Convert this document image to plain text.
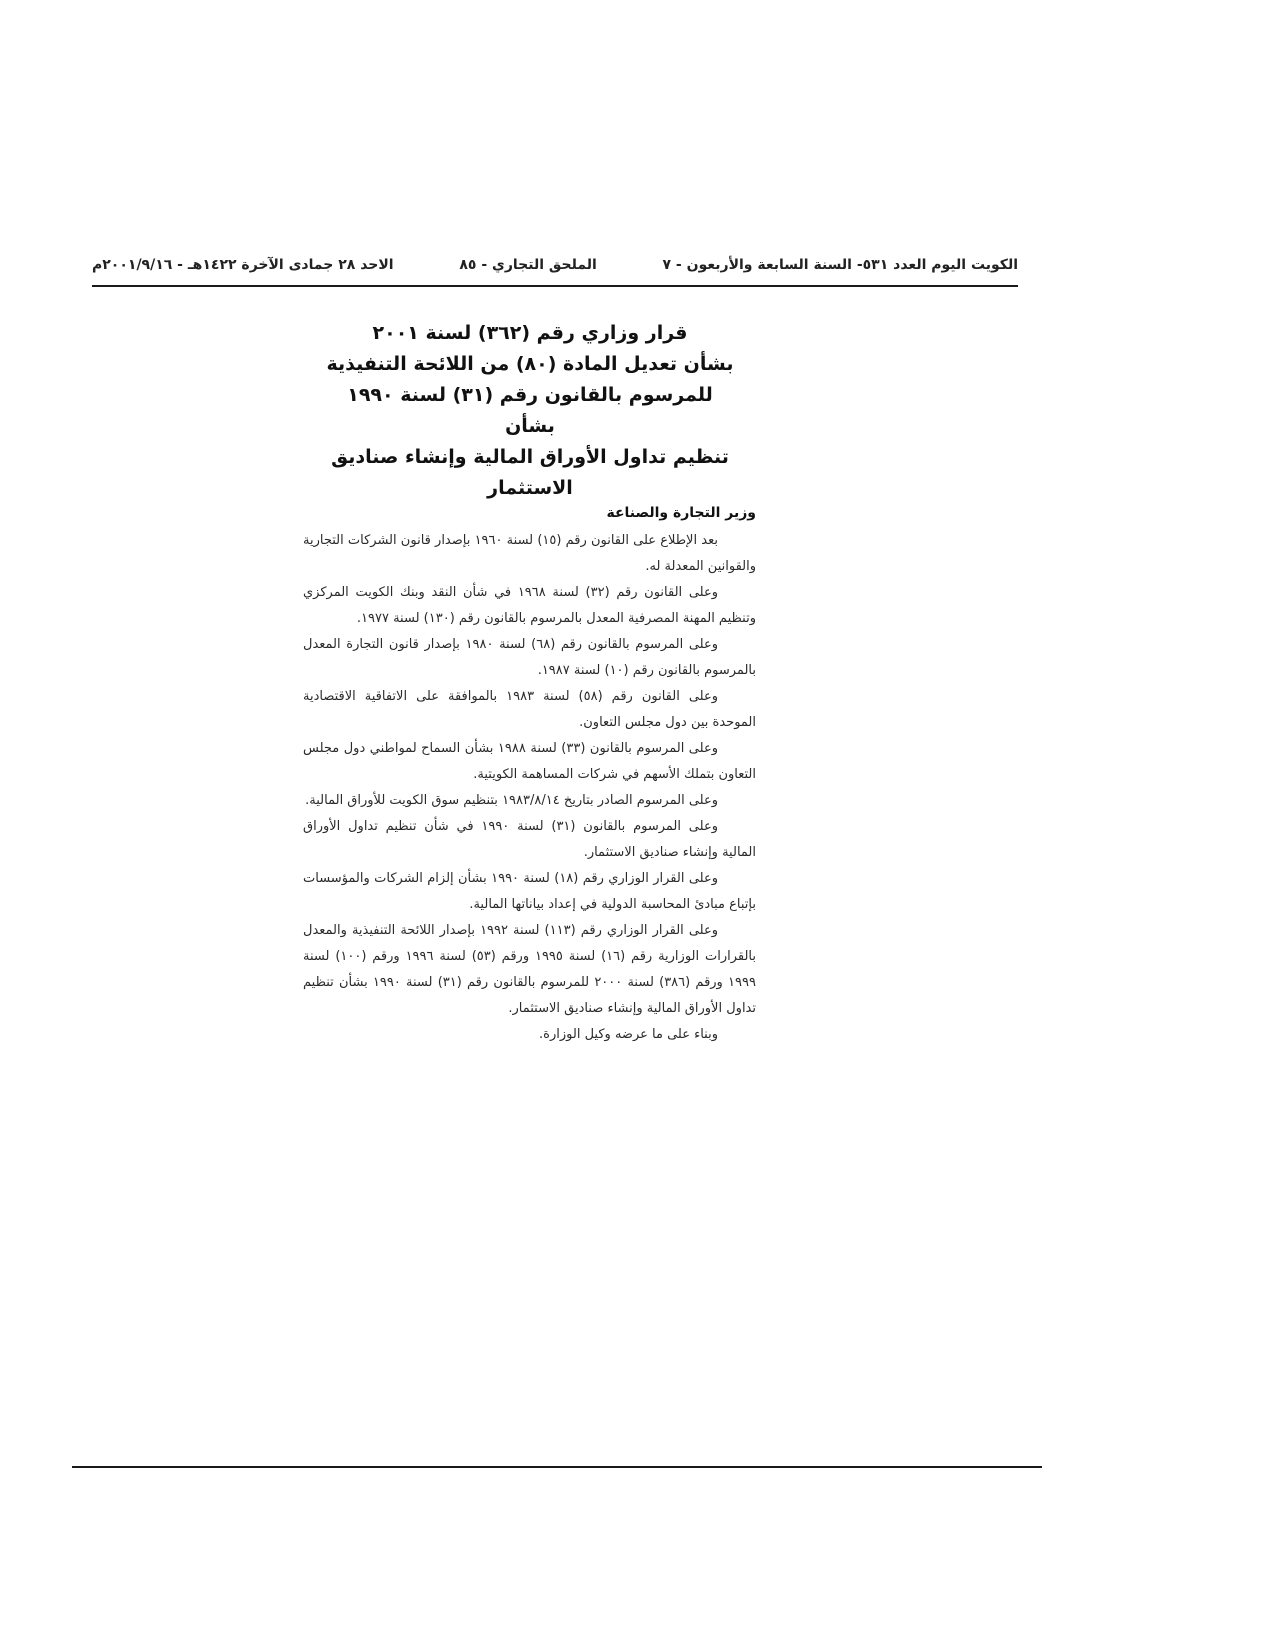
الكويت اليوم العدد ٥٣١- السنة السابعة والأربعون - ٧
الملحق التجاري - ٨٥
الاحد ٢٨ جمادى الآخرة ١٤٢٢هـ - ٢٠٠١/٩/١٦م
قرار وزاري رقم (٣٦٢) لسنة ٢٠٠١
بشأن تعديل المادة (٨٠) من اللائحة التنفيذية
للمرسوم بالقانون رقم (٣١) لسنة ١٩٩٠ بشأن
تنظيم تداول الأوراق المالية وإنشاء صناديق
الاستثمار

وزير التجارة والصناعة

بعد الإطلاع على القانون رقم (١٥) لسنة ١٩٦٠ بإصدار قانون الشركات التجارية والقوانين المعدلة له.

وعلى القانون رقم (٣٢) لسنة ١٩٦٨ في شأن النقد وبنك الكويت المركزي وتنظيم المهنة المصرفية المعدل بالمرسوم بالقانون رقم (١٣٠) لسنة ١٩٧٧.

وعلى المرسوم بالقانون رقم (٦٨) لسنة ١٩٨٠ بإصدار قانون التجارة المعدل بالمرسوم بالقانون رقم (١٠) لسنة ١٩٨٧.

وعلى القانون رقم (٥٨) لسنة ١٩٨٣ بالموافقة على الاتفاقية الاقتصادية الموحدة بين دول مجلس التعاون.

وعلى المرسوم بالقانون (٣٣) لسنة ١٩٨٨ بشأن السماح لمواطني دول مجلس التعاون بتملك الأسهم في شركات المساهمة الكويتية.

وعلى المرسوم الصادر بتاريخ ١٩٨٣/٨/١٤ بتنظيم سوق الكويت للأوراق المالية.

وعلى المرسوم بالقانون (٣١) لسنة ١٩٩٠ في شأن تنظيم تداول الأوراق المالية وإنشاء صناديق الاستثمار.

وعلى القرار الوزاري رقم (١٨) لسنة ١٩٩٠ بشأن إلزام الشركات والمؤسسات بإتباع مبادئ المحاسبة الدولية في إعداد بياناتها المالية.

وعلى القرار الوزاري رقم (١١٣) لسنة ١٩٩٢ بإصدار اللائحة التنفيذية والمعدل بالقرارات الوزارية رقم (١٦) لسنة ١٩٩٥ ورقم (٥٣) لسنة ١٩٩٦ ورقم (١٠٠) لسنة ١٩٩٩ ورقم (٣٨٦) لسنة ٢٠٠٠ للمرسوم بالقانون رقم (٣١) لسنة ١٩٩٠ بشأن تنظيم تداول الأوراق المالية وإنشاء صناديق الاستثمار.

وبناء على ما عرضه وكيل الوزارة.
